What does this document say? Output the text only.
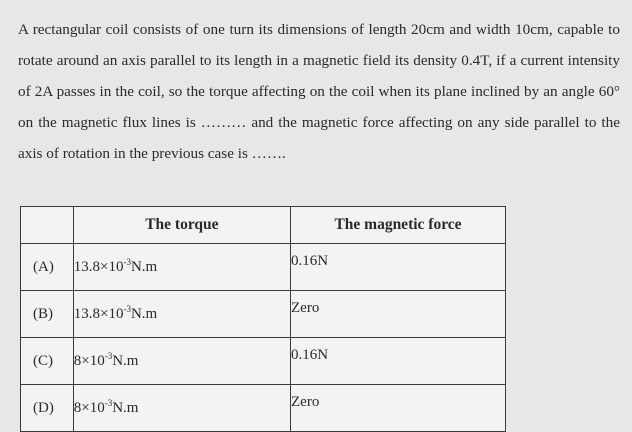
A rectangular coil consists of one turn its dimensions of length 20cm and width 10cm, capable to rotate around an axis parallel to its length in a magnetic field its density 0.4T, if a current intensity of 2A passes in the coil, so the torque affecting on the coil when its plane inclined by an angle 60° on the magnetic flux lines is ……… and the magnetic force affecting on any side parallel to the axis of rotation in the previous case is …….

	The torque	The magnetic force
(A)	$13.8\times 10^{-3}N.m$	0.16N
(B)	$13.8\times 10^{-3}N.m$	Zero
(C)	$8\times 10^{-3}N.m$	0.16N
(D)	$8\times 10^{-3}N.m$	Zero
